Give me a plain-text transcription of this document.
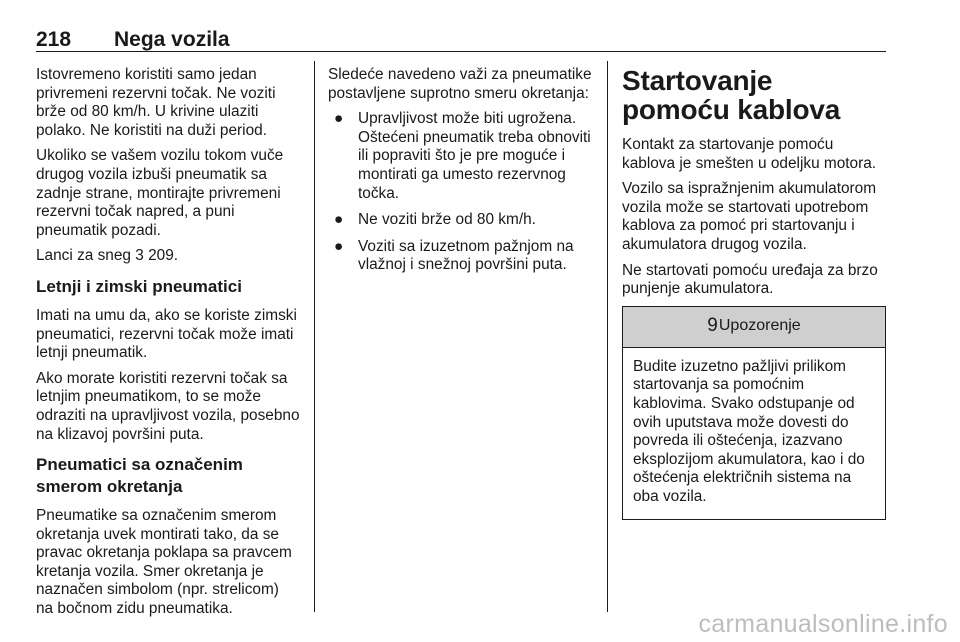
218 Nega vozila

Istovremeno koristiti samo jedan privremeni rezervni točak. Ne voziti brže od 80 km/h. U krivine ulaziti polako. Ne koristiti na duži period.

Ukoliko se vašem vozilu tokom vuče drugog vozila izbuši pneumatik sa zadnje strane, montirajte privremeni rezervni točak napred, a puni pneumatik pozadi.

Lanci za sneg 3 209.

Letnji i zimski pneumatici

Imati na umu da, ako se koriste zimski pneumatici, rezervni točak može imati letnji pneumatik.

Ako morate koristiti rezervni točak sa letnjim pneumatikom, to se može odraziti na upravljivost vozila, posebno na klizavoj površini puta.

Pneumatici sa označenim smerom okretanja

Pneumatike sa označenim smerom okretanja uvek montirati tako, da se pravac okretanja poklapa sa pravcem kretanja vozila. Smer okretanja je naznačen simbolom (npr. strelicom) na bočnom zidu pneumatika.

Sledeće navedeno važi za pneumatike postavljene suprotno smeru okretanja:

● Upravljivost može biti ugrožena. Oštećeni pneumatik treba obnoviti ili popraviti što je pre moguće i montirati ga umesto rezervnog točka.
● Ne voziti brže od 80 km/h.
● Voziti sa izuzetnom pažnjom na vlažnoj i snežnoj površini puta.
Startovanje pomoću kablova

Kontakt za startovanje pomoću kablova je smešten u odeljku motora.

Vozilo sa ispražnjenim akumulatorom vozila može se startovati upotrebom kablova za pomoć pri startovanju i akumulatora drugog vozila.

Ne startovati pomoću uređaja za brzo punjenje akumulatora.

9 Upozorenje
Budite izuzetno pažljivi prilikom startovanja sa pomoćnim kablovima. Svako odstupanje od ovih uputstava može dovesti do povreda ili oštećenja, izazvano eksplozijom akumulatora, kao i do oštećenja električnih sistema na oba vozila.
carmanualsonline.info
